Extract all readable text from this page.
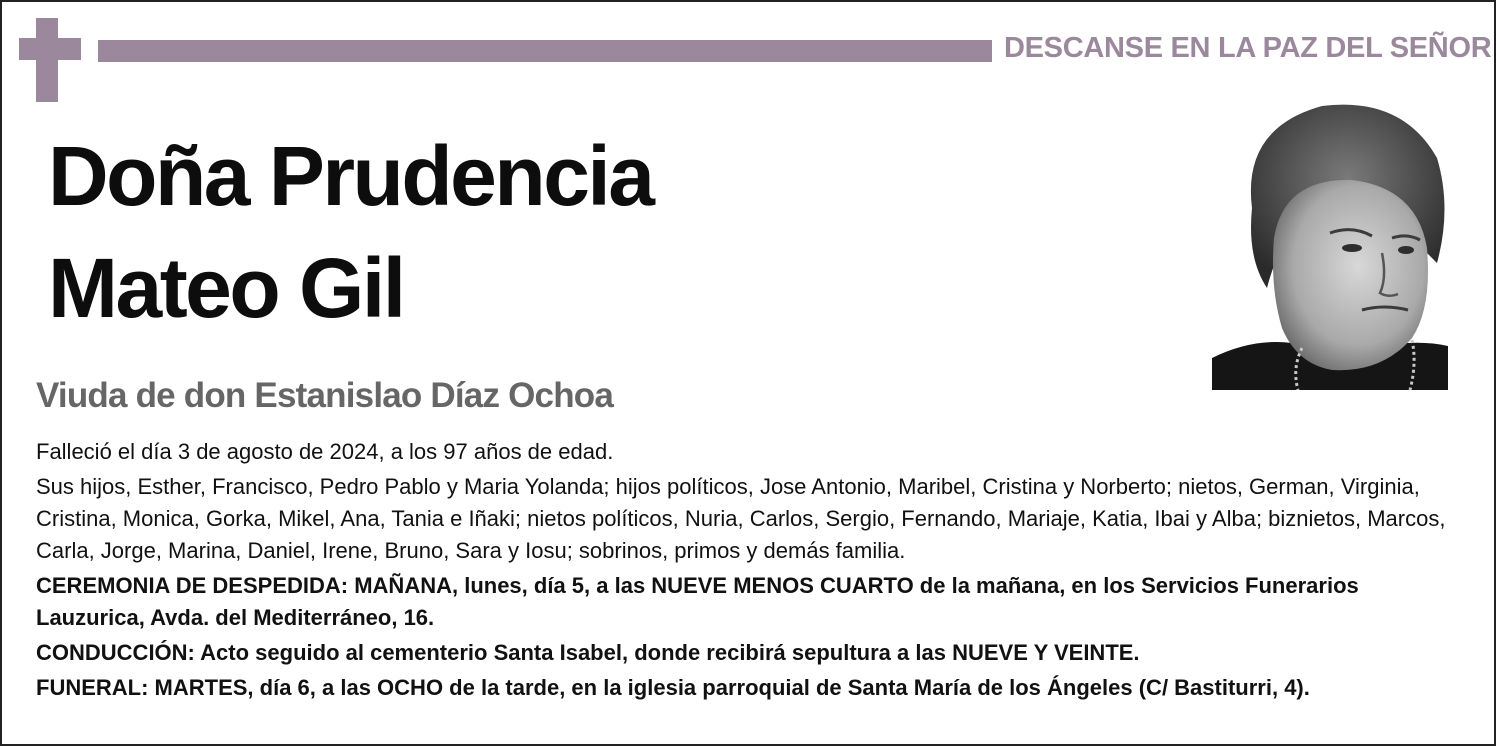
DESCANSE EN LA PAZ DEL SEÑOR
Doña Prudencia
Mateo Gil
Viuda de don Estanislao Díaz Ochoa

Falleció el día 3 de agosto de 2024, a los 97 años de edad.

Sus hijos, Esther, Francisco, Pedro Pablo y Maria Yolanda; hijos políticos, Jose Antonio, Maribel, Cristina y Norberto; nietos, German, Virginia, Cristina, Monica, Gorka, Mikel, Ana, Tania e Iñaki; nietos políticos, Nuria, Carlos, Sergio, Fernando, Mariaje, Katia, Ibai y Alba; biznietos, Marcos, Carla, Jorge, Marina, Daniel, Irene, Bruno, Sara y Iosu; sobrinos, primos y demás familia.

CEREMONIA DE DESPEDIDA: MAÑANA, lunes, día 5, a las NUEVE MENOS CUARTO de la mañana, en los Servicios Funerarios Lauzurica, Avda. del Mediterráneo, 16.

CONDUCCIÓN: Acto seguido al cementerio Santa Isabel, donde recibirá sepultura a las NUEVE Y VEINTE.

FUNERAL: MARTES, día 6, a las OCHO de la tarde, en la iglesia parroquial de Santa María de los Ángeles (C/ Bastiturri, 4).
